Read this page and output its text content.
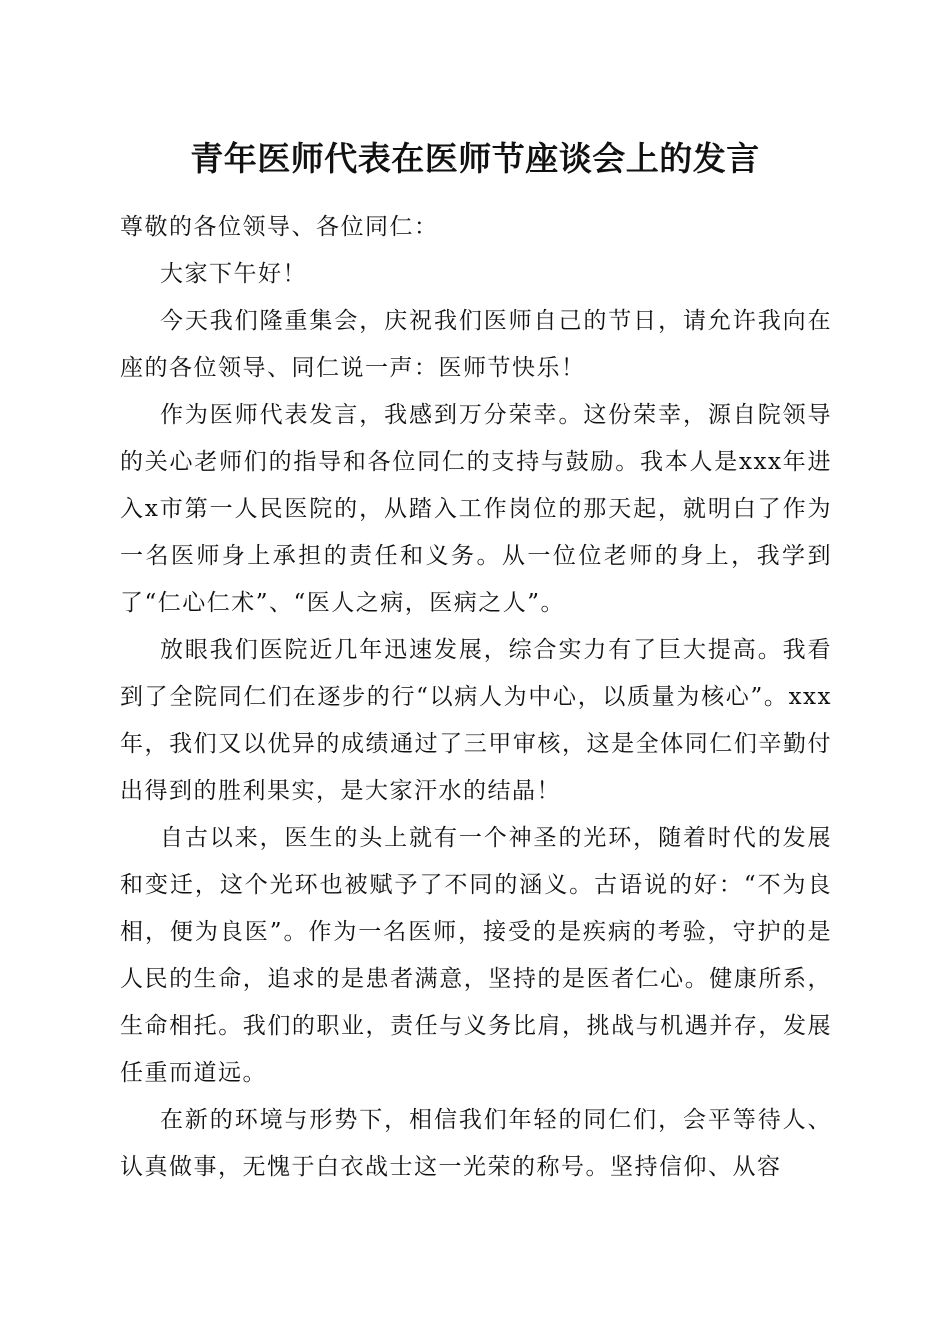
青年医师代表在医师节座谈会上的发言

尊敬的各位领导、各位同仁：

大家下午好！

今天我们隆重集会，庆祝我们医师自己的节日，请允许我向在座的各位领导、同仁说一声：医师节快乐！

作为医师代表发言，我感到万分荣幸。这份荣幸，源自院领导的关心老师们的指导和各位同仁的支持与鼓励。我本人是xxx年进入x市第一人民医院的，从踏入工作岗位的那天起，就明白了作为一名医师身上承担的责任和义务。从一位位老师的身上，我学到了“仁心仁术”、“医人之病，医病之人”。

放眼我们医院近几年迅速发展，综合实力有了巨大提高。我看到了全院同仁们在逐步的行“以病人为中心，以质量为核心”。xxx年，我们又以优异的成绩通过了三甲审核，这是全体同仁们辛勤付出得到的胜利果实，是大家汗水的结晶！

自古以来，医生的头上就有一个神圣的光环，随着时代的发展和变迁，这个光环也被赋予了不同的涵义。古语说的好：“不为良相，便为良医”。作为一名医师，接受的是疾病的考验，守护的是人民的生命，追求的是患者满意，坚持的是医者仁心。健康所系，生命相托。我们的职业，责任与义务比肩，挑战与机遇并存，发展任重而道远。

在新的环境与形势下，相信我们年轻的同仁们，会平等待人、认真做事，无愧于白衣战士这一光荣的称号。坚持信仰、从容
